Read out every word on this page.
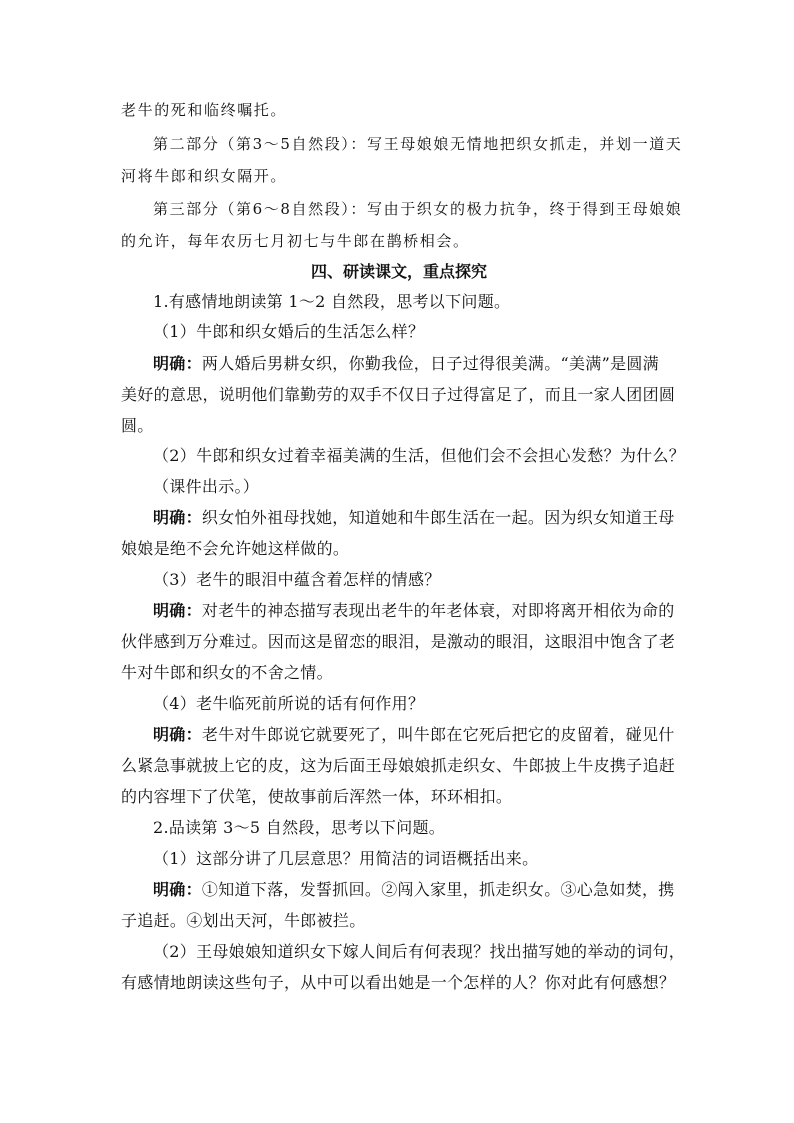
老牛的死和临终嘱托。
第二部分（第3～5自然段）：写王母娘娘无情地把织女抓走，并划一道天
河将牛郎和织女隔开。
第三部分（第6～8自然段）：写由于织女的极力抗争，终于得到王母娘娘
的允许，每年农历七月初七与牛郎在鹊桥相会。
四、研读课文，重点探究
1.有感情地朗读第 1～2 自然段，思考以下问题。
（1）牛郎和织女婚后的生活怎么样？
明确：两人婚后男耕女织，你勤我俭，日子过得很美满。“美满”是圆满
美好的意思，说明他们靠勤劳的双手不仅日子过得富足了，而且一家人团团圆
圆。
（2）牛郎和织女过着幸福美满的生活，但他们会不会担心发愁？为什么？
（课件出示。）
明确：织女怕外祖母找她，知道她和牛郎生活在一起。因为织女知道王母
娘娘是绝不会允许她这样做的。
（3）老牛的眼泪中蕴含着怎样的情感？
明确：对老牛的神态描写表现出老牛的年老体衰，对即将离开相依为命的
伙伴感到万分难过。因而这是留恋的眼泪，是激动的眼泪，这眼泪中饱含了老
牛对牛郎和织女的不舍之情。
（4）老牛临死前所说的话有何作用？
明确：老牛对牛郎说它就要死了，叫牛郎在它死后把它的皮留着，碰见什
么紧急事就披上它的皮，这为后面王母娘娘抓走织女、牛郎披上牛皮携子追赶
的内容埋下了伏笔，使故事前后浑然一体，环环相扣。
2.品读第 3～5 自然段，思考以下问题。
（1）这部分讲了几层意思？用简洁的词语概括出来。
明确：①知道下落，发誓抓回。②闯入家里，抓走织女。③心急如焚，携
子追赶。④划出天河，牛郎被拦。
（2）王母娘娘知道织女下嫁人间后有何表现？找出描写她的举动的词句，
有感情地朗读这些句子，从中可以看出她是一个怎样的人？你对此有何感想？
